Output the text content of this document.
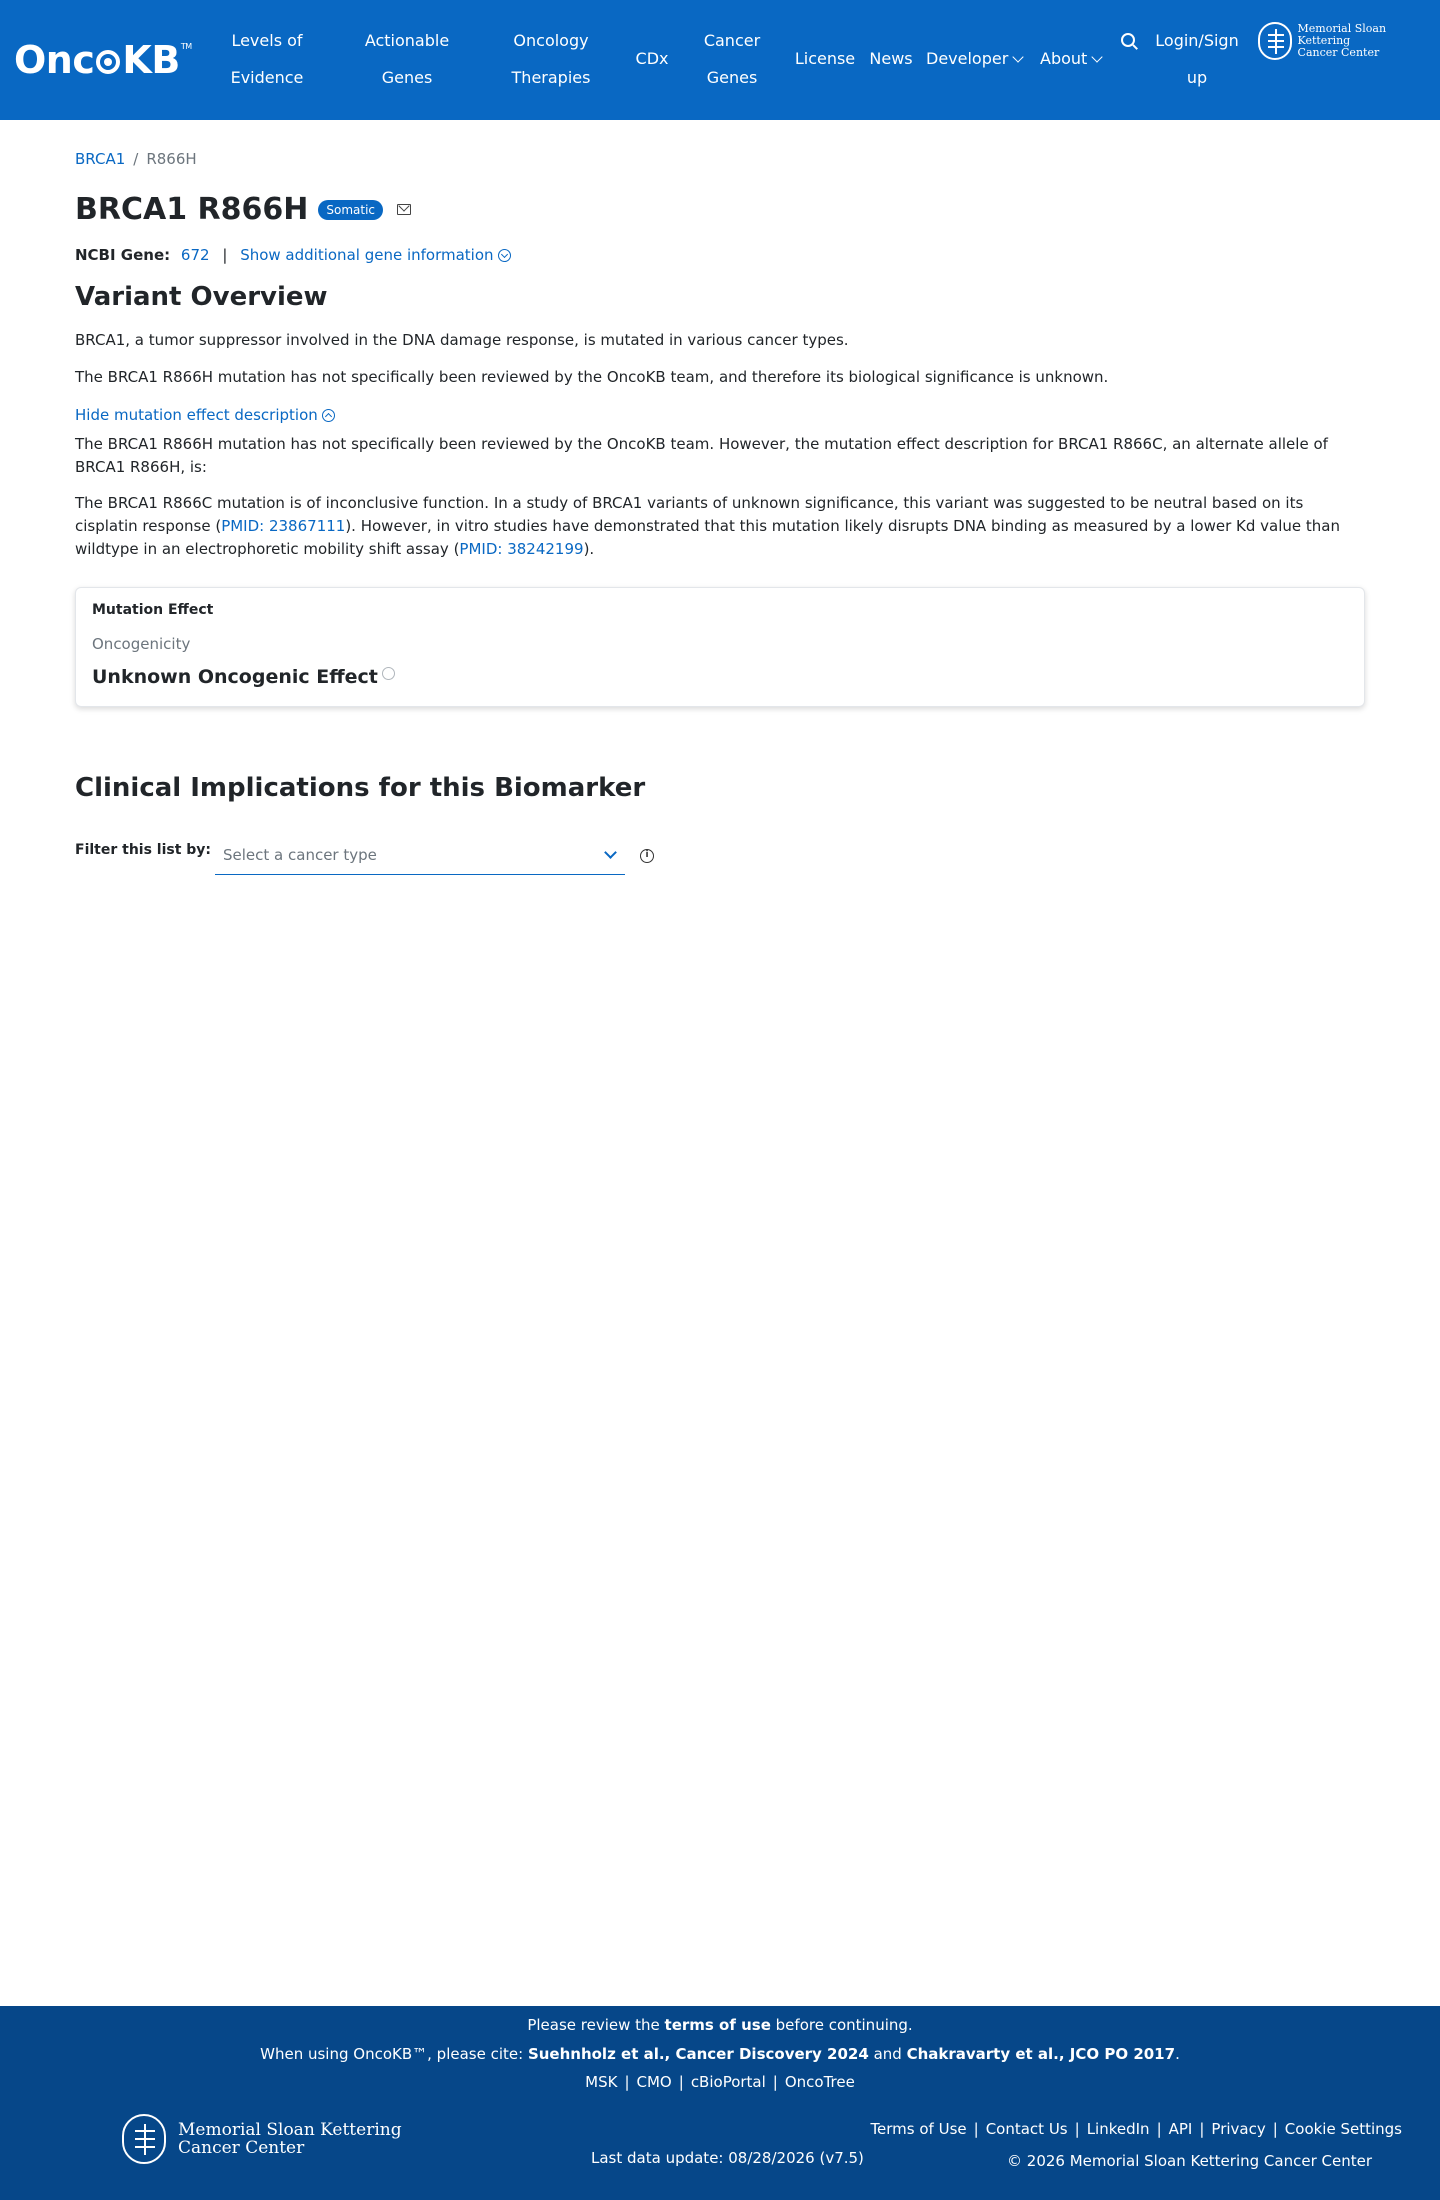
Onc KB™	Levels of
Evidence
Actionable
Genes
Oncology
Therapies
CDx
Cancer
Genes
License News Developer	About
Login/Sign
up
Memorial Sloan Kettering
Cancer Center
BRCA1 / R866H
BRCA1 R866H	Somatic
NCBI Gene: 672 | Show additional gene information
Variant Overview
BRCA1, a tumor suppressor involved in the DNA damage response, is mutated in various cancer types.
The BRCA1 R866H mutation has not specifically been reviewed by the OncoKB team, and therefore its biological significance is unknown.
Hide mutation effect description
The BRCA1 R866H mutation has not specifically been reviewed by the OncoKB team. However, the mutation effect description for BRCA1 R866C, an alternate allele of BRCA1 R866H, is:
The BRCA1 R866C mutation is of inconclusive function. In a study of BRCA1 variants of unknown significance, this variant was suggested to be neutral based on its cisplatin response (PMID: 23867111). However, in vitro studies have demonstrated that this mutation likely disrupts DNA binding as measured by a lower Kd value than wildtype in an electrophoretic mobility shift assay (PMID: 38242199).
Mutation Effect
Oncogenicity
Unknown Oncogenic Effect
Clinical Implications for this Biomarker
Filter this list by: Select a cancer type	i
Please review the terms of use before continuing.
When using OncoKB™, please cite: Suehnholz et al., Cancer Discovery 2024 and Chakravarty et al., JCO PO 2017.
MSK | CMO | cBioPortal | OncoTree
Memorial Sloan Kettering
Cancer Center
Terms of Use | Contact Us | LinkedIn | API | Privacy | Cookie Settings
Last data update: 08/28/2026 (v7.5)	© 2026 Memorial Sloan Kettering Cancer Center
